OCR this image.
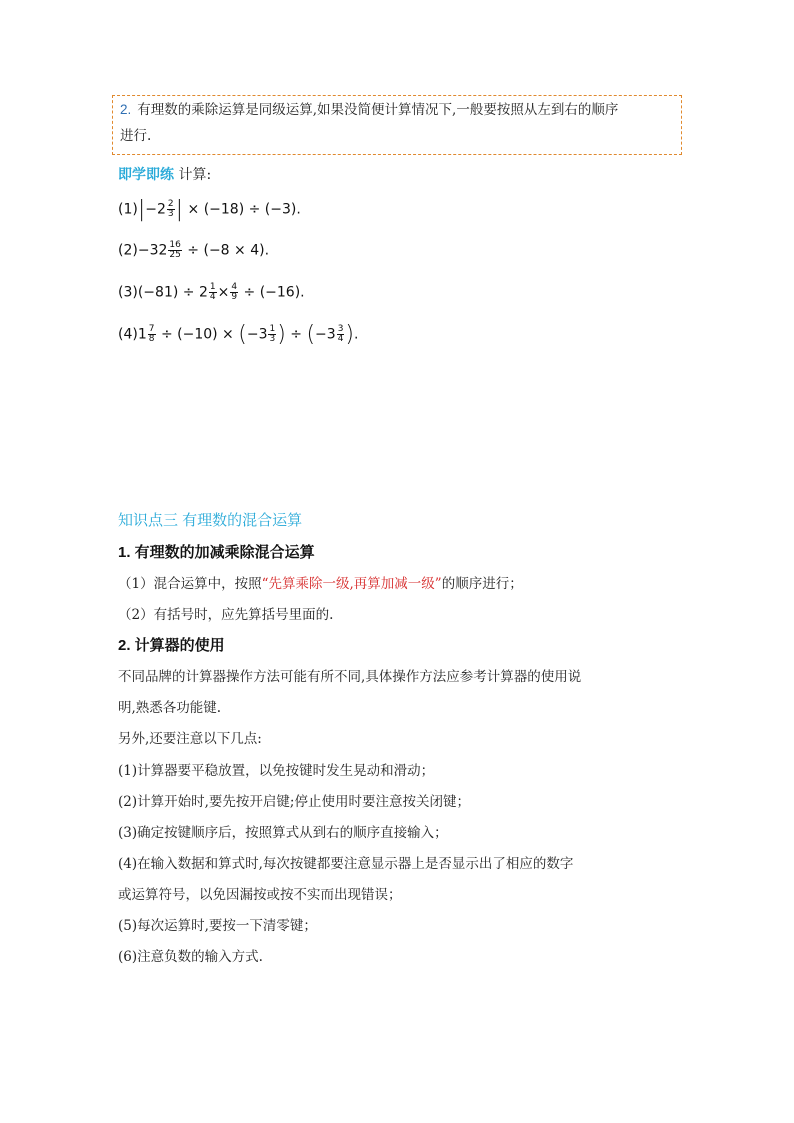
2. 有理数的乘除运算是同级运算,如果没简便计算情况下,一般要按照从左到右的顺序
进行.
即学即练 计算:
$(1)|-2 \frac{2}{3}$ | × (−18) ÷ (−3).
$(2)-32 \frac{16}{25} \div (-8 \times 4)$.
$(3)(-81) \div 2 \frac{1}{4} \times \frac{4}{9} \div (-16)$.
$(4)1 \frac{7}{8} \div (-10) \times (-3 \frac{1}{3}$ ) ÷ ($-3 \frac{3}{4}$ ).
知识点三 有理数的混合运算
1. 有理数的加减乘除混合运算
（1）混合运算中，按照“先算乘除一级,再算加减一级”的顺序进行；
（2）有括号时，应先算括号里面的.
2. 计算器的使用
不同品牌的计算器操作方法可能有所不同,具体操作方法应参考计算器的使用说
明,熟悉各功能键.
另外,还要注意以下几点:
(1)计算器要平稳放置，以免按键时发生晃动和滑动；
(2)计算开始时,要先按开启键;停止使用时要注意按关闭键；
(3)确定按键顺序后，按照算式从到右的顺序直接输入；
(4)在输入数据和算式时,每次按键都要注意显示器上是否显示出了相应的数字
或运算符号，以免因漏按或按不实而出现错误；
(5)每次运算时,要按一下清零键；
(6)注意负数的输入方式.
